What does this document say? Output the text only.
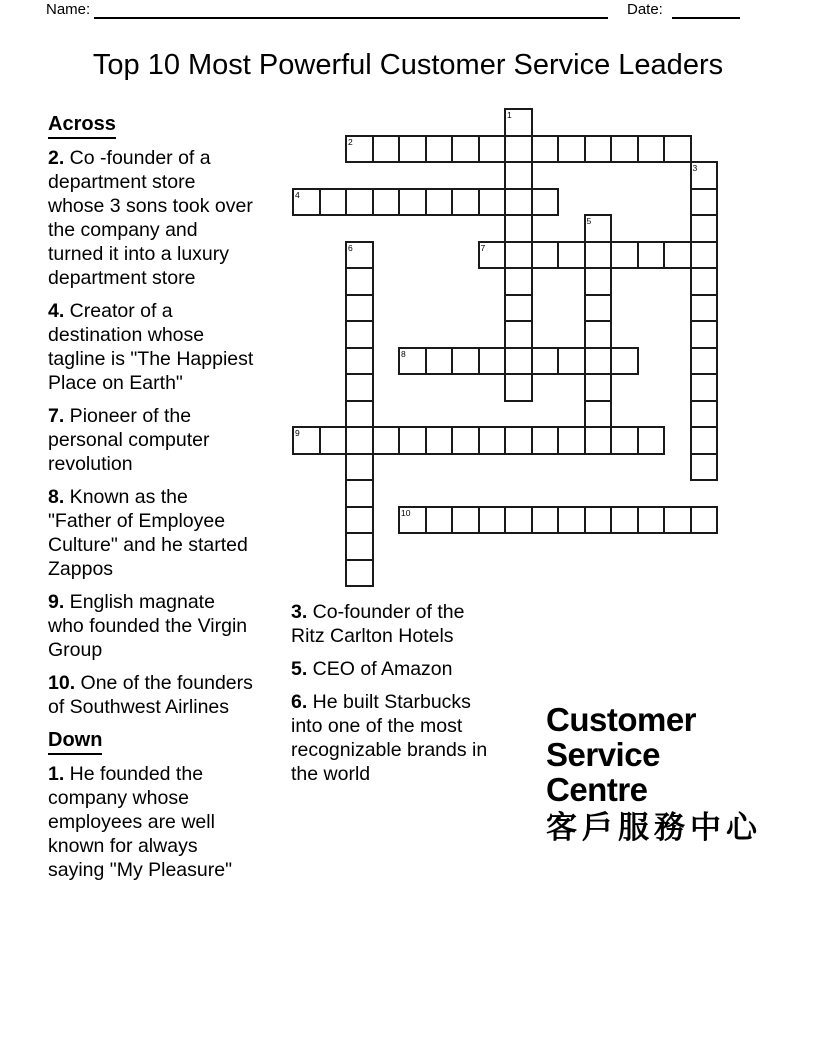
Name:	Date:
Top 10 Most Powerful Customer Service Leaders
1
2
3
4
5
6	7
8
9
10
Across

2. Co -founder of a department store whose 3 sons took over the company and turned it into a luxury department store

4. Creator of a destination whose tagline is "The Happiest Place on Earth"

7. Pioneer of the personal computer revolution

8. Known as the "Father of Employee Culture" and he started Zappos

9. English magnate who founded the Virgin Group

10. One of the founders of Southwest Airlines

Down

1. He founded the company whose employees are well known for always saying "My Pleasure"

3. Co-founder of the Ritz Carlton Hotels

5. CEO of Amazon

6. He built Starbucks into one of the most recognizable brands in the world

Customer
Service
Centre
客戶服務中心
